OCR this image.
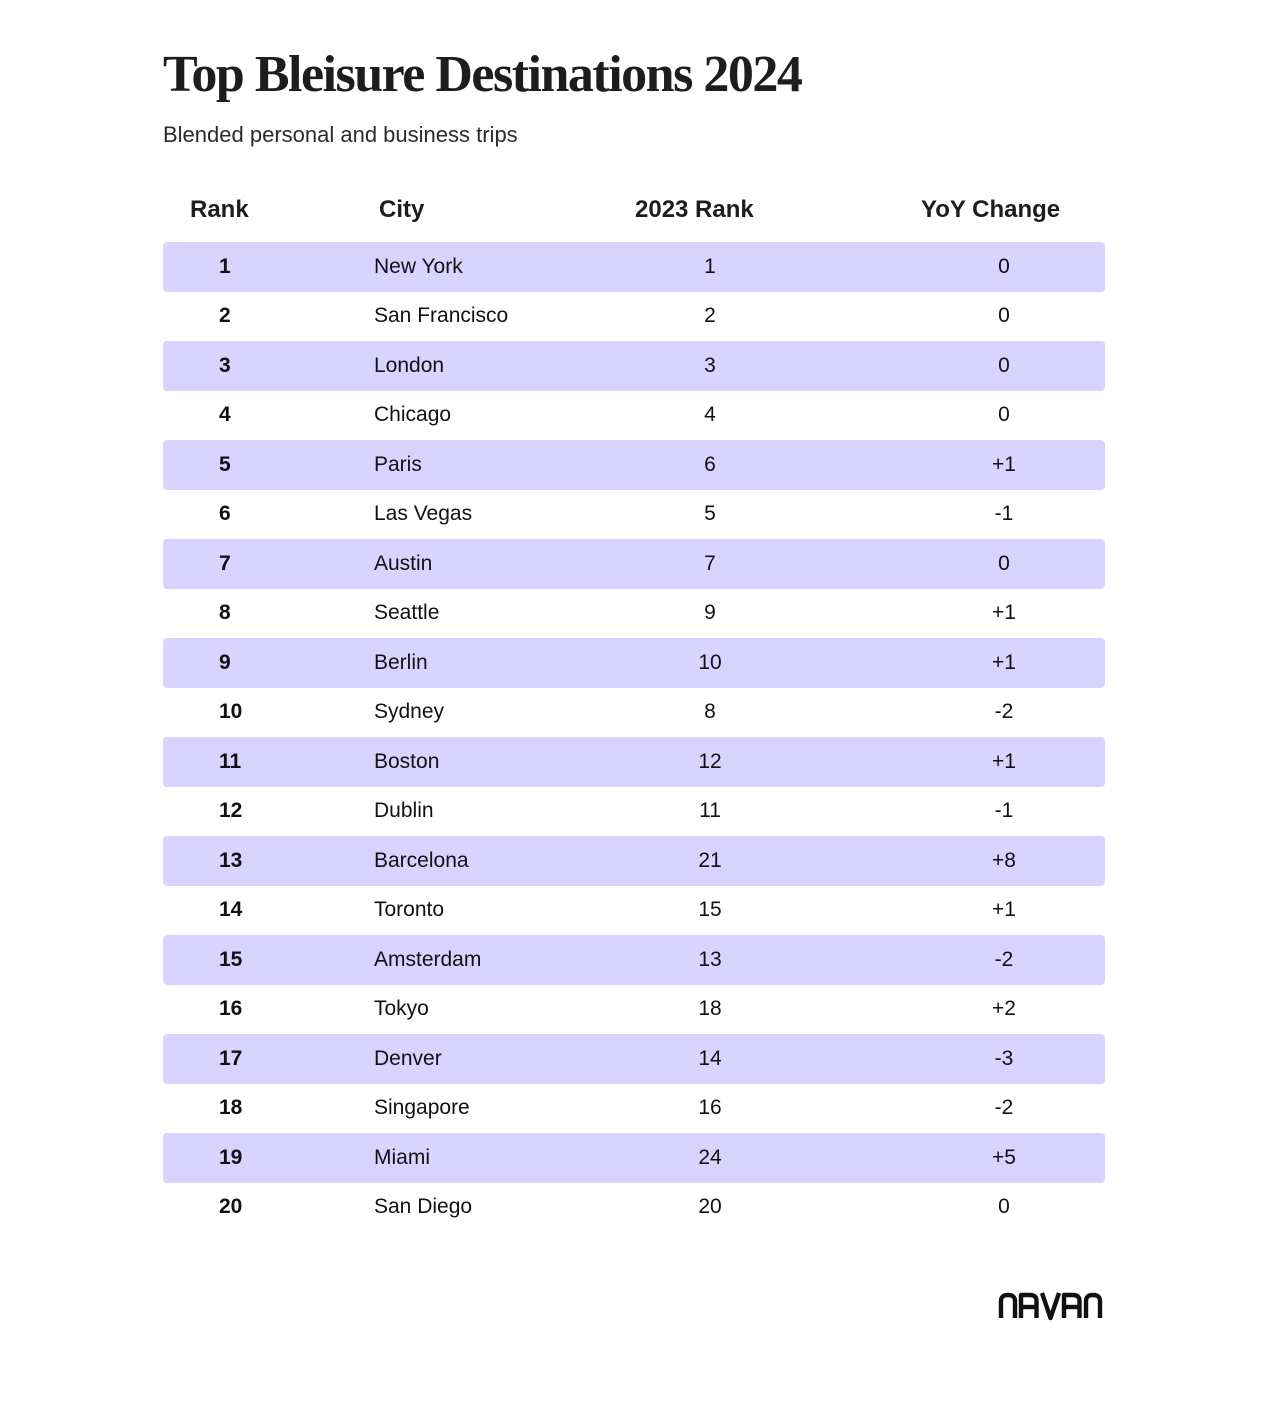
Top Bleisure Destinations 2024

Blended personal and business trips

Rank	City	2023 Rank	YoY Change
1	New York	1	0
2	San Francisco	2	0
3	London	3	0
4	Chicago	4	0
5	Paris	6	+1
6	Las Vegas	5	-1
7	Austin	7	0
8	Seattle	9	+1
9	Berlin	10	+1
10	Sydney	8	-2
11	Boston	12	+1
12	Dublin	11	-1
13	Barcelona	21	+8
14	Toronto	15	+1
15	Amsterdam	13	-2
16	Tokyo	18	+2
17	Denver	14	-3
18	Singapore	16	-2
19	Miami	24	+5
20	San Diego	20	0
